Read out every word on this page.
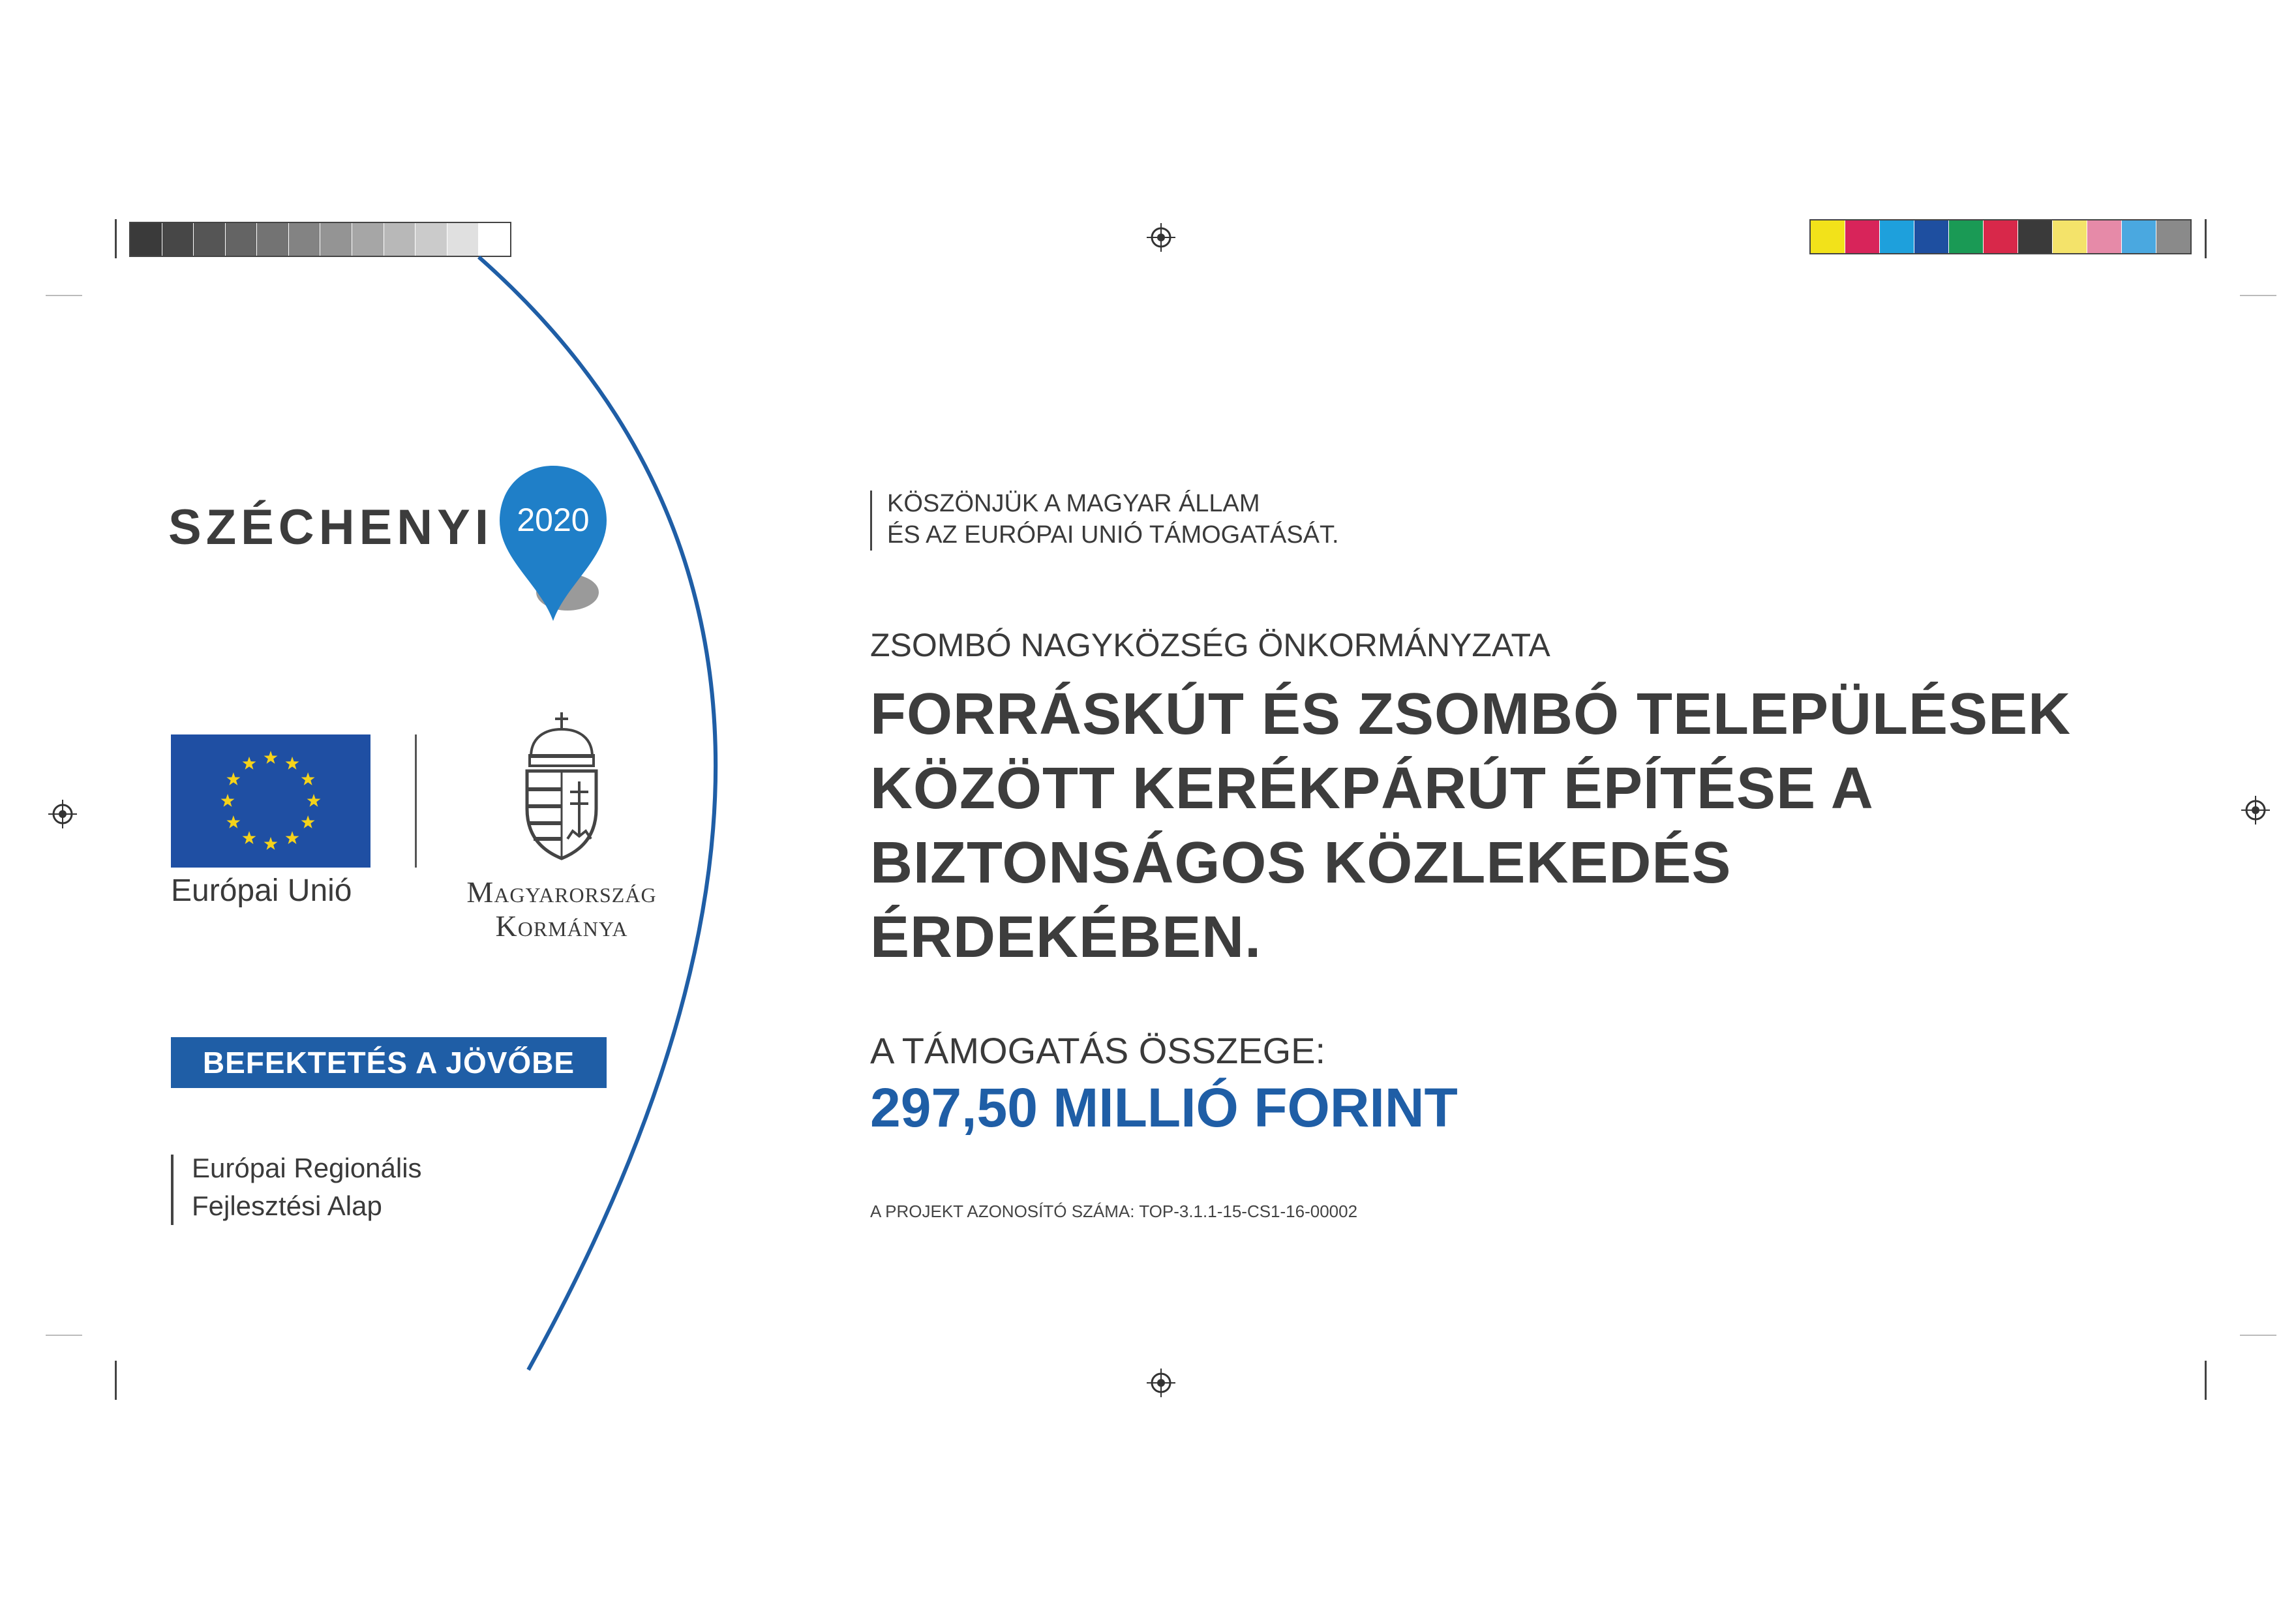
SZÉCHENYI 2020
Európai Unió	Magyarország
Kormánya
BEFEKTETÉS A JÖVŐBE
Európai Regionális
Fejlesztési Alap
KÖSZÖNJÜK A MAGYAR ÁLLAM
ÉS AZ EURÓPAI UNIÓ TÁMOGATÁSÁT.
ZSOMBÓ NAGYKÖZSÉG ÖNKORMÁNYZATA
FORRÁSKÚT ÉS ZSOMBÓ TELEPÜLÉSEK
KÖZÖTT KERÉKPÁRÚT ÉPÍTÉSE A
BIZTONSÁGOS KÖZLEKEDÉS
ÉRDEKÉBEN.
A TÁMOGATÁS ÖSSZEGE:
297,50 MILLIÓ FORINT
A PROJEKT AZONOSÍTÓ SZÁMA: TOP-3.1.1-15-CS1-16-00002
